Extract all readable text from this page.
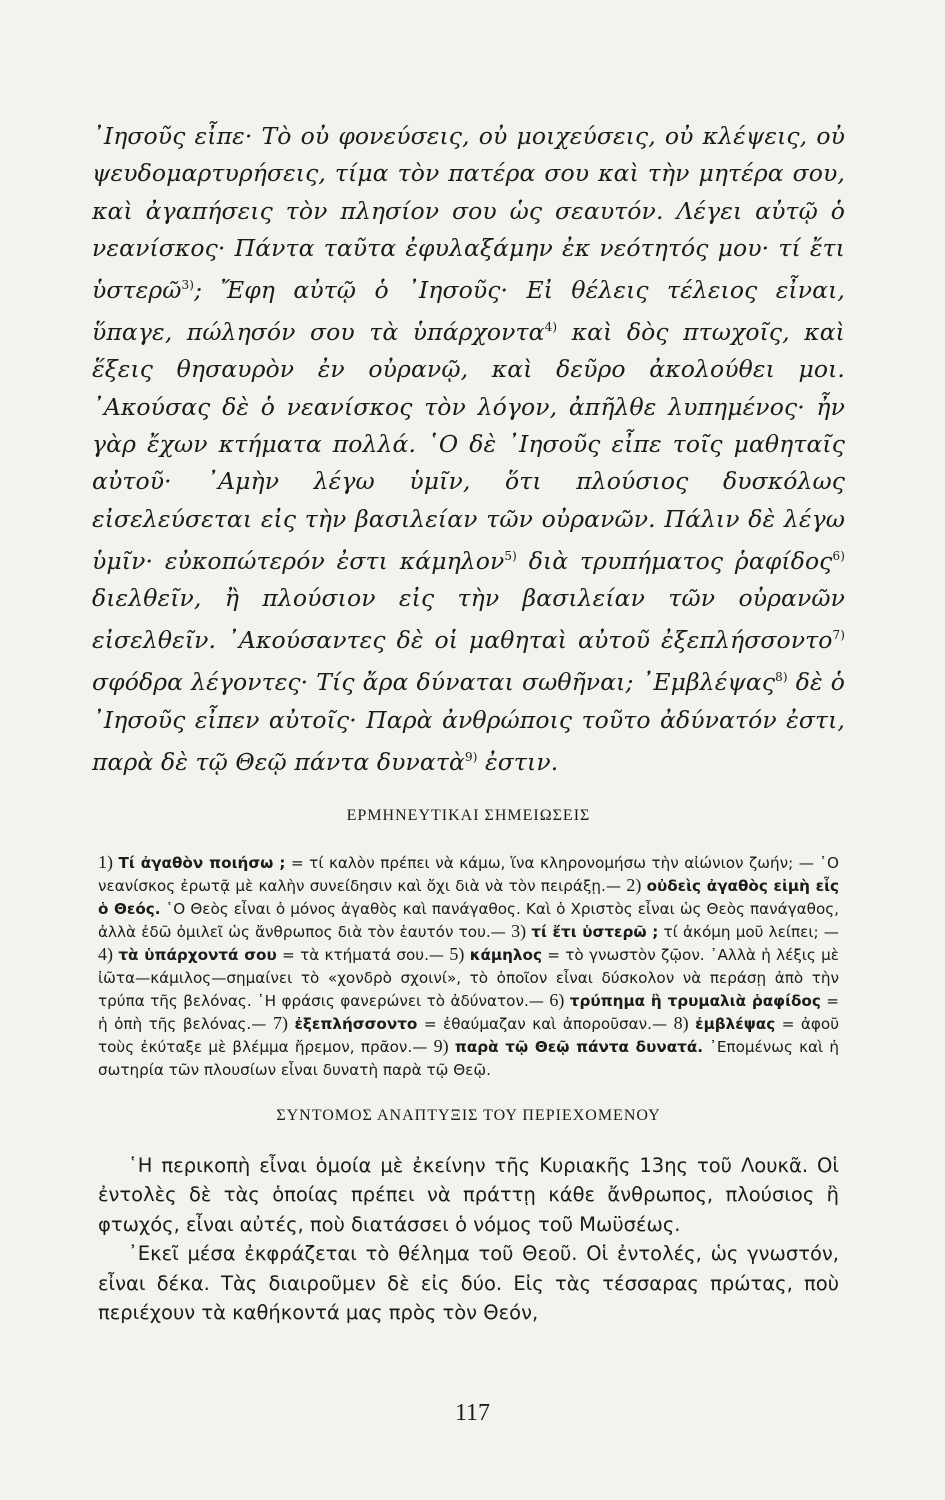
᾿Ιησοῦς εἶπε· Τὸ οὐ φονεύσεις, οὐ μοιχεύσεις, οὐ κλέψεις, οὐ ψευδομαρτυρήσεις, τίμα τὸν πατέρα σου καὶ τὴν μητέρα σου, καὶ ἀγαπήσεις τὸν πλησίον σου ὡς σεαυτόν. Λέγει αὐτῷ ὁ νεανίσκος· Πάντα ταῦτα ἐφυλαξάμην ἐκ νεότητός μου· τί ἔτι ὑστερῶ$^{3)}$; Ἔφη αὐτῷ ὁ ᾿Ιησοῦς· Εἰ θέλεις τέλειος εἶναι, ὕπαγε, πώλησόν σου τὰ ὑπάρχοντα$^{4)}$ καὶ δὸς πτωχοῖς, καὶ ἕξεις θησαυρὸν ἐν οὐρανῷ, καὶ δεῦρο ἀκολούθει μοι. ᾿Ακούσας δὲ ὁ νεανίσκος τὸν λόγον, ἀπῆλθε λυπημένος· ἦν γὰρ ἔχων κτήματα πολλά. ῾Ο δὲ ᾿Ιησοῦς εἶπε τοῖς μαθηταῖς αὐτοῦ· ᾿Αμὴν λέγω ὑμῖν, ὅτι πλούσιος δυσκόλως εἰσελεύσεται εἰς τὴν βασιλείαν τῶν οὐρανῶν. Πάλιν δὲ λέγω ὑμῖν· εὐκοπώτερόν ἐστι κάμηλον$^{5)}$ διὰ τρυπήματος ῥαφίδος$^{6)}$ διελθεῖν, ἢ πλούσιον εἰς τὴν βασιλείαν τῶν οὐρανῶν εἰσελθεῖν. ᾿Ακούσαντες δὲ οἱ μαθηταὶ αὐτοῦ ἐξεπλήσσοντο$^{7)}$ σφόδρα λέγοντες· Τίς ἄρα δύναται σωθῆναι; ᾿Εμβλέψας$^{8)}$ δὲ ὁ ᾿Ιησοῦς εἶπεν αὐτοῖς· Παρὰ ἀνθρώποις τοῦτο ἀδύνατόν ἐστι, παρὰ δὲ τῷ Θεῷ πάντα δυνατὰ$^{9)}$ ἐστιν.

ΕΡΜΗΝΕΥΤΙΚΑΙ ΣΗΜΕΙΩΣΕΙΣ

1) Τί ἀγαθὸν ποιήσω ; = τί καλὸν πρέπει νὰ κάμω, ἵνα κληρονομήσω τὴν αἰώνιον ζωήν; — ῾Ο νεανίσκος ἐρωτᾷ μὲ καλὴν συνείδησιν καὶ ὄχι διὰ νὰ τὸν πειράξῃ.— 2) οὐδεὶς ἀγαθὸς εἰμὴ εἷς ὁ Θεός. ῾Ο Θεὸς εἶναι ὁ μόνος ἀγαθὸς καὶ πανάγαθος. Καὶ ὁ Χριστὸς εἶναι ὡς Θεὸς πανάγαθος, ἀλλὰ ἐδῶ ὁμιλεῖ ὡς ἄνθρωπος διὰ τὸν ἑαυτόν του.— 3) τί ἔτι ὑστερῶ ; τί ἀκόμη μοῦ λείπει; — 4) τὰ ὑπάρχοντά σου = τὰ κτήματά σου.— 5) κάμηλος = τὸ γνωστὸν ζῷον. ᾿Αλλὰ ἡ λέξις μὲ ἰῶτα—κάμιλος—σημαίνει τὸ «χονδρὸ σχοινί», τὸ ὁποῖον εἶναι δύσκολον νὰ περάσῃ ἀπὸ τὴν τρύπα τῆς βελόνας. ῾Η φράσις φανερώνει τὸ ἀδύνατον.— 6) τρύπημα ἢ τρυμαλιὰ ῥαφίδος = ἡ ὀπὴ τῆς βελόνας.— 7) ἐξεπλήσσοντο = ἐθαύμαζαν καὶ ἀποροῦσαν.— 8) ἐμβλέψας = ἀφοῦ τοὺς ἐκύταξε μὲ βλέμμα ἤρεμον, πρᾶον.— 9) παρὰ τῷ Θεῷ πάντα δυνατά. ᾿Επομένως καὶ ἡ σωτηρία τῶν πλουσίων εἶναι δυνατὴ παρὰ τῷ Θεῷ.

ΣΥΝΤΟΜΟΣ ΑΝΑΠΤΥΞΙΣ ΤΟΥ ΠΕΡΙΕΧΟΜΕΝΟΥ

῾Η περικοπὴ εἶναι ὁμοία μὲ ἐκείνην τῆς Κυριακῆς 13ης τοῦ Λουκᾶ. Οἱ ἐντολὲς δὲ τὰς ὁποίας πρέπει νὰ πράττῃ κάθε ἄνθρωπος, πλούσιος ἢ φτωχός, εἶναι αὐτές, ποὺ διατάσσει ὁ νόμος τοῦ Μωϋσέως.

᾿Εκεῖ μέσα ἐκφράζεται τὸ θέλημα τοῦ Θεοῦ. Οἱ ἐντολές, ὡς γνωστόν, εἶναι δέκα. Τὰς διαιροῦμεν δὲ εἰς δύο. Εἰς τὰς τέσσαρας πρώτας, ποὺ περιέχουν τὰ καθήκοντά μας πρὸς τὸν Θεόν,

117
